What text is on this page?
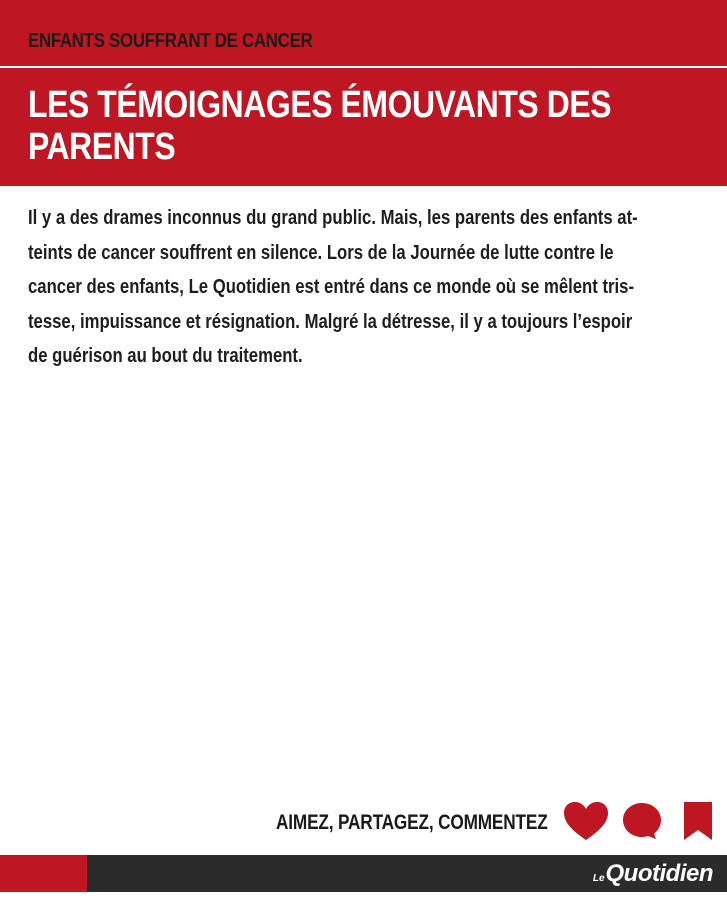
ENFANTS SOUFFRANT DE CANCER
LES TÉMOIGNAGES ÉMOUVANTS DES
PARENTS

Il y a des drames inconnus du grand public. Mais, les parents des enfants at-
teints de cancer souffrent en silence. Lors de la Journée de lutte contre le
cancer des enfants, Le Quotidien est entré dans ce monde où se mêlent tris-
tesse, impuissance et résignation. Malgré la détresse, il y a toujours l’espoir
de guérison au bout du traitement.

AIMEZ, PARTAGEZ, COMMENTEZ
Le Quotidien
